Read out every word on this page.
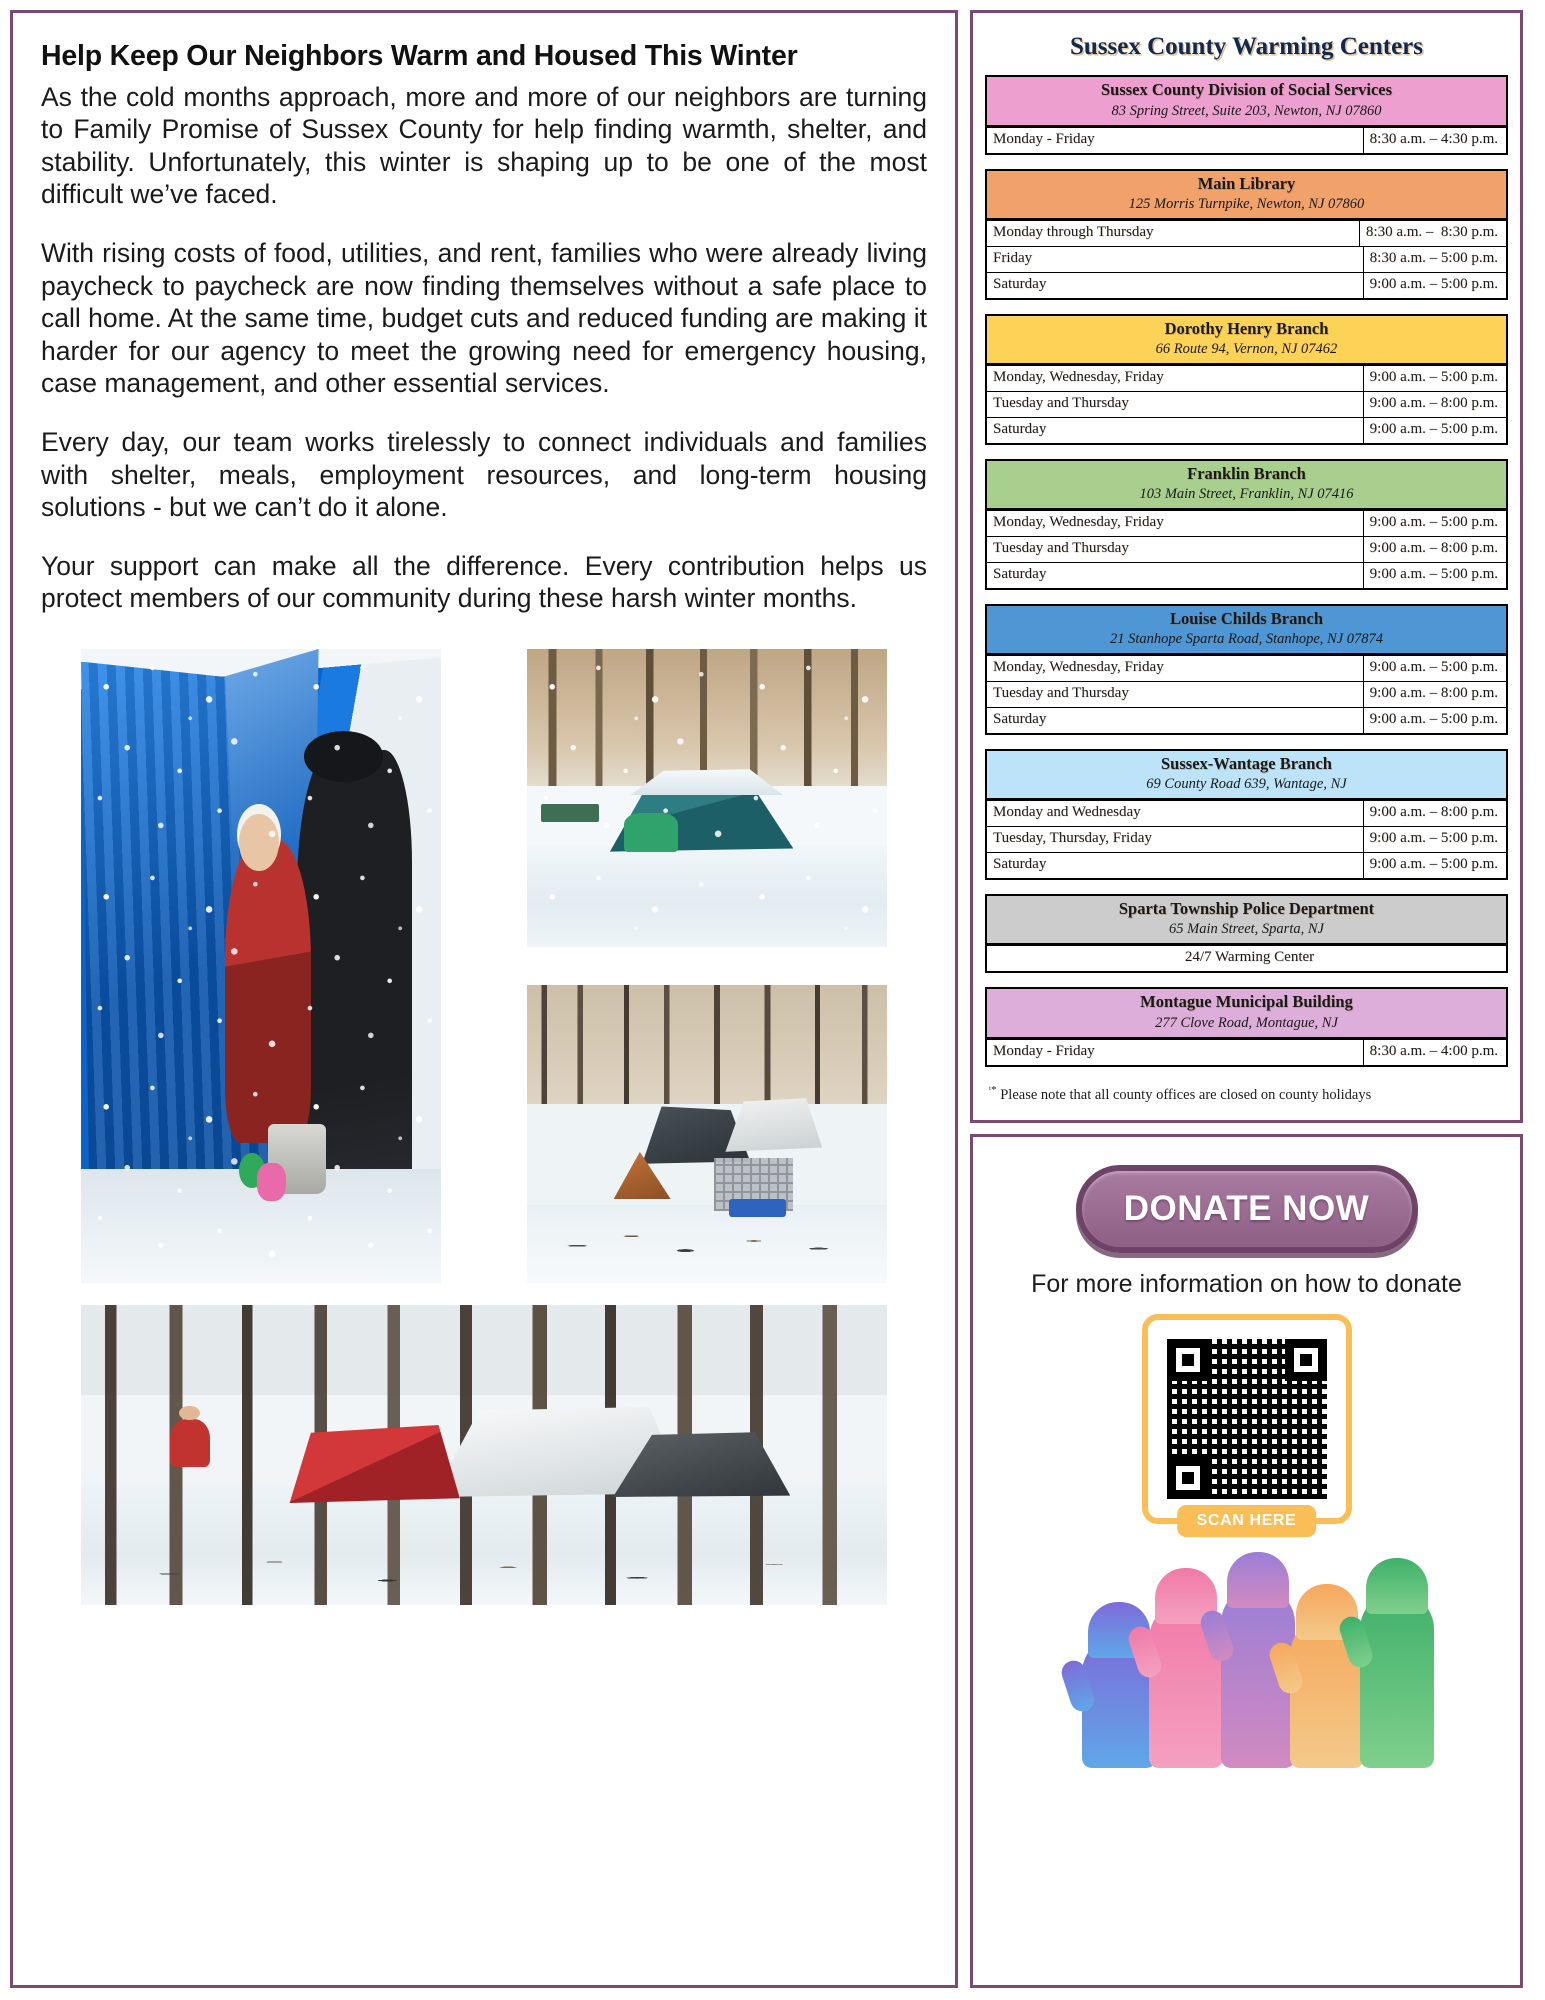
Help Keep Our Neighbors Warm and Housed This Winter

As the cold months approach, more and more of our neighbors are turning to Family Promise of Sussex County for help finding warmth, shelter, and stability. Unfortunately, this winter is shaping up to be one of the most difficult we’ve faced.

With rising costs of food, utilities, and rent, families who were already living paycheck to paycheck are now finding themselves without a safe place to call home. At the same time, budget cuts and reduced funding are making it harder for our agency to meet the growing need for emergency housing, case management, and other essential services.

Every day, our team works tirelessly to connect individuals and families with shelter, meals, employment resources, and long-term housing solutions - but we can’t do it alone.

Your support can make all the difference. Every contribution helps us protect members of our community during these harsh winter months.

Sussex County Warming Centers
Sussex County Division of Social Services
83 Spring Street, Suite 203, Newton, NJ 07860
Monday - Friday	8:30 a.m. – 4:30 p.m.
Main Library
125 Morris Turnpike, Newton, NJ 07860
Monday through Thursday	8:30 a.m. –  8:30 p.m.
Friday	8:30 a.m. – 5:00 p.m.
Saturday	9:00 a.m. – 5:00 p.m.
Dorothy Henry Branch
66 Route 94, Vernon, NJ 07462
Monday, Wednesday, Friday	9:00 a.m. – 5:00 p.m.
Tuesday and Thursday	9:00 a.m. – 8:00 p.m.
Saturday	9:00 a.m. – 5:00 p.m.
Franklin Branch
103 Main Street, Franklin, NJ 07416
Monday, Wednesday, Friday	9:00 a.m. – 5:00 p.m.
Tuesday and Thursday	9:00 a.m. – 8:00 p.m.
Saturday	9:00 a.m. – 5:00 p.m.
Louise Childs Branch
21 Stanhope Sparta Road, Stanhope, NJ 07874
Monday, Wednesday, Friday	9:00 a.m. – 5:00 p.m.
Tuesday and Thursday	9:00 a.m. – 8:00 p.m.
Saturday	9:00 a.m. – 5:00 p.m.
Sussex-Wantage Branch
69 County Road 639, Wantage, NJ
Monday and Wednesday	9:00 a.m. – 8:00 p.m.
Tuesday, Thursday, Friday	9:00 a.m. – 5:00 p.m.
Saturday	9:00 a.m. – 5:00 p.m.
Sparta Township Police Department
65 Main Street, Sparta, NJ
24/7 Warming Center
Montague Municipal Building
277 Clove Road, Montague, NJ
Monday - Friday	8:30 a.m. – 4:00 p.m.
$^{ᵗ*}$ Please note that all county offices are closed on county holidays
DONATE NOW
For more information on how to donate
SCAN HERE
